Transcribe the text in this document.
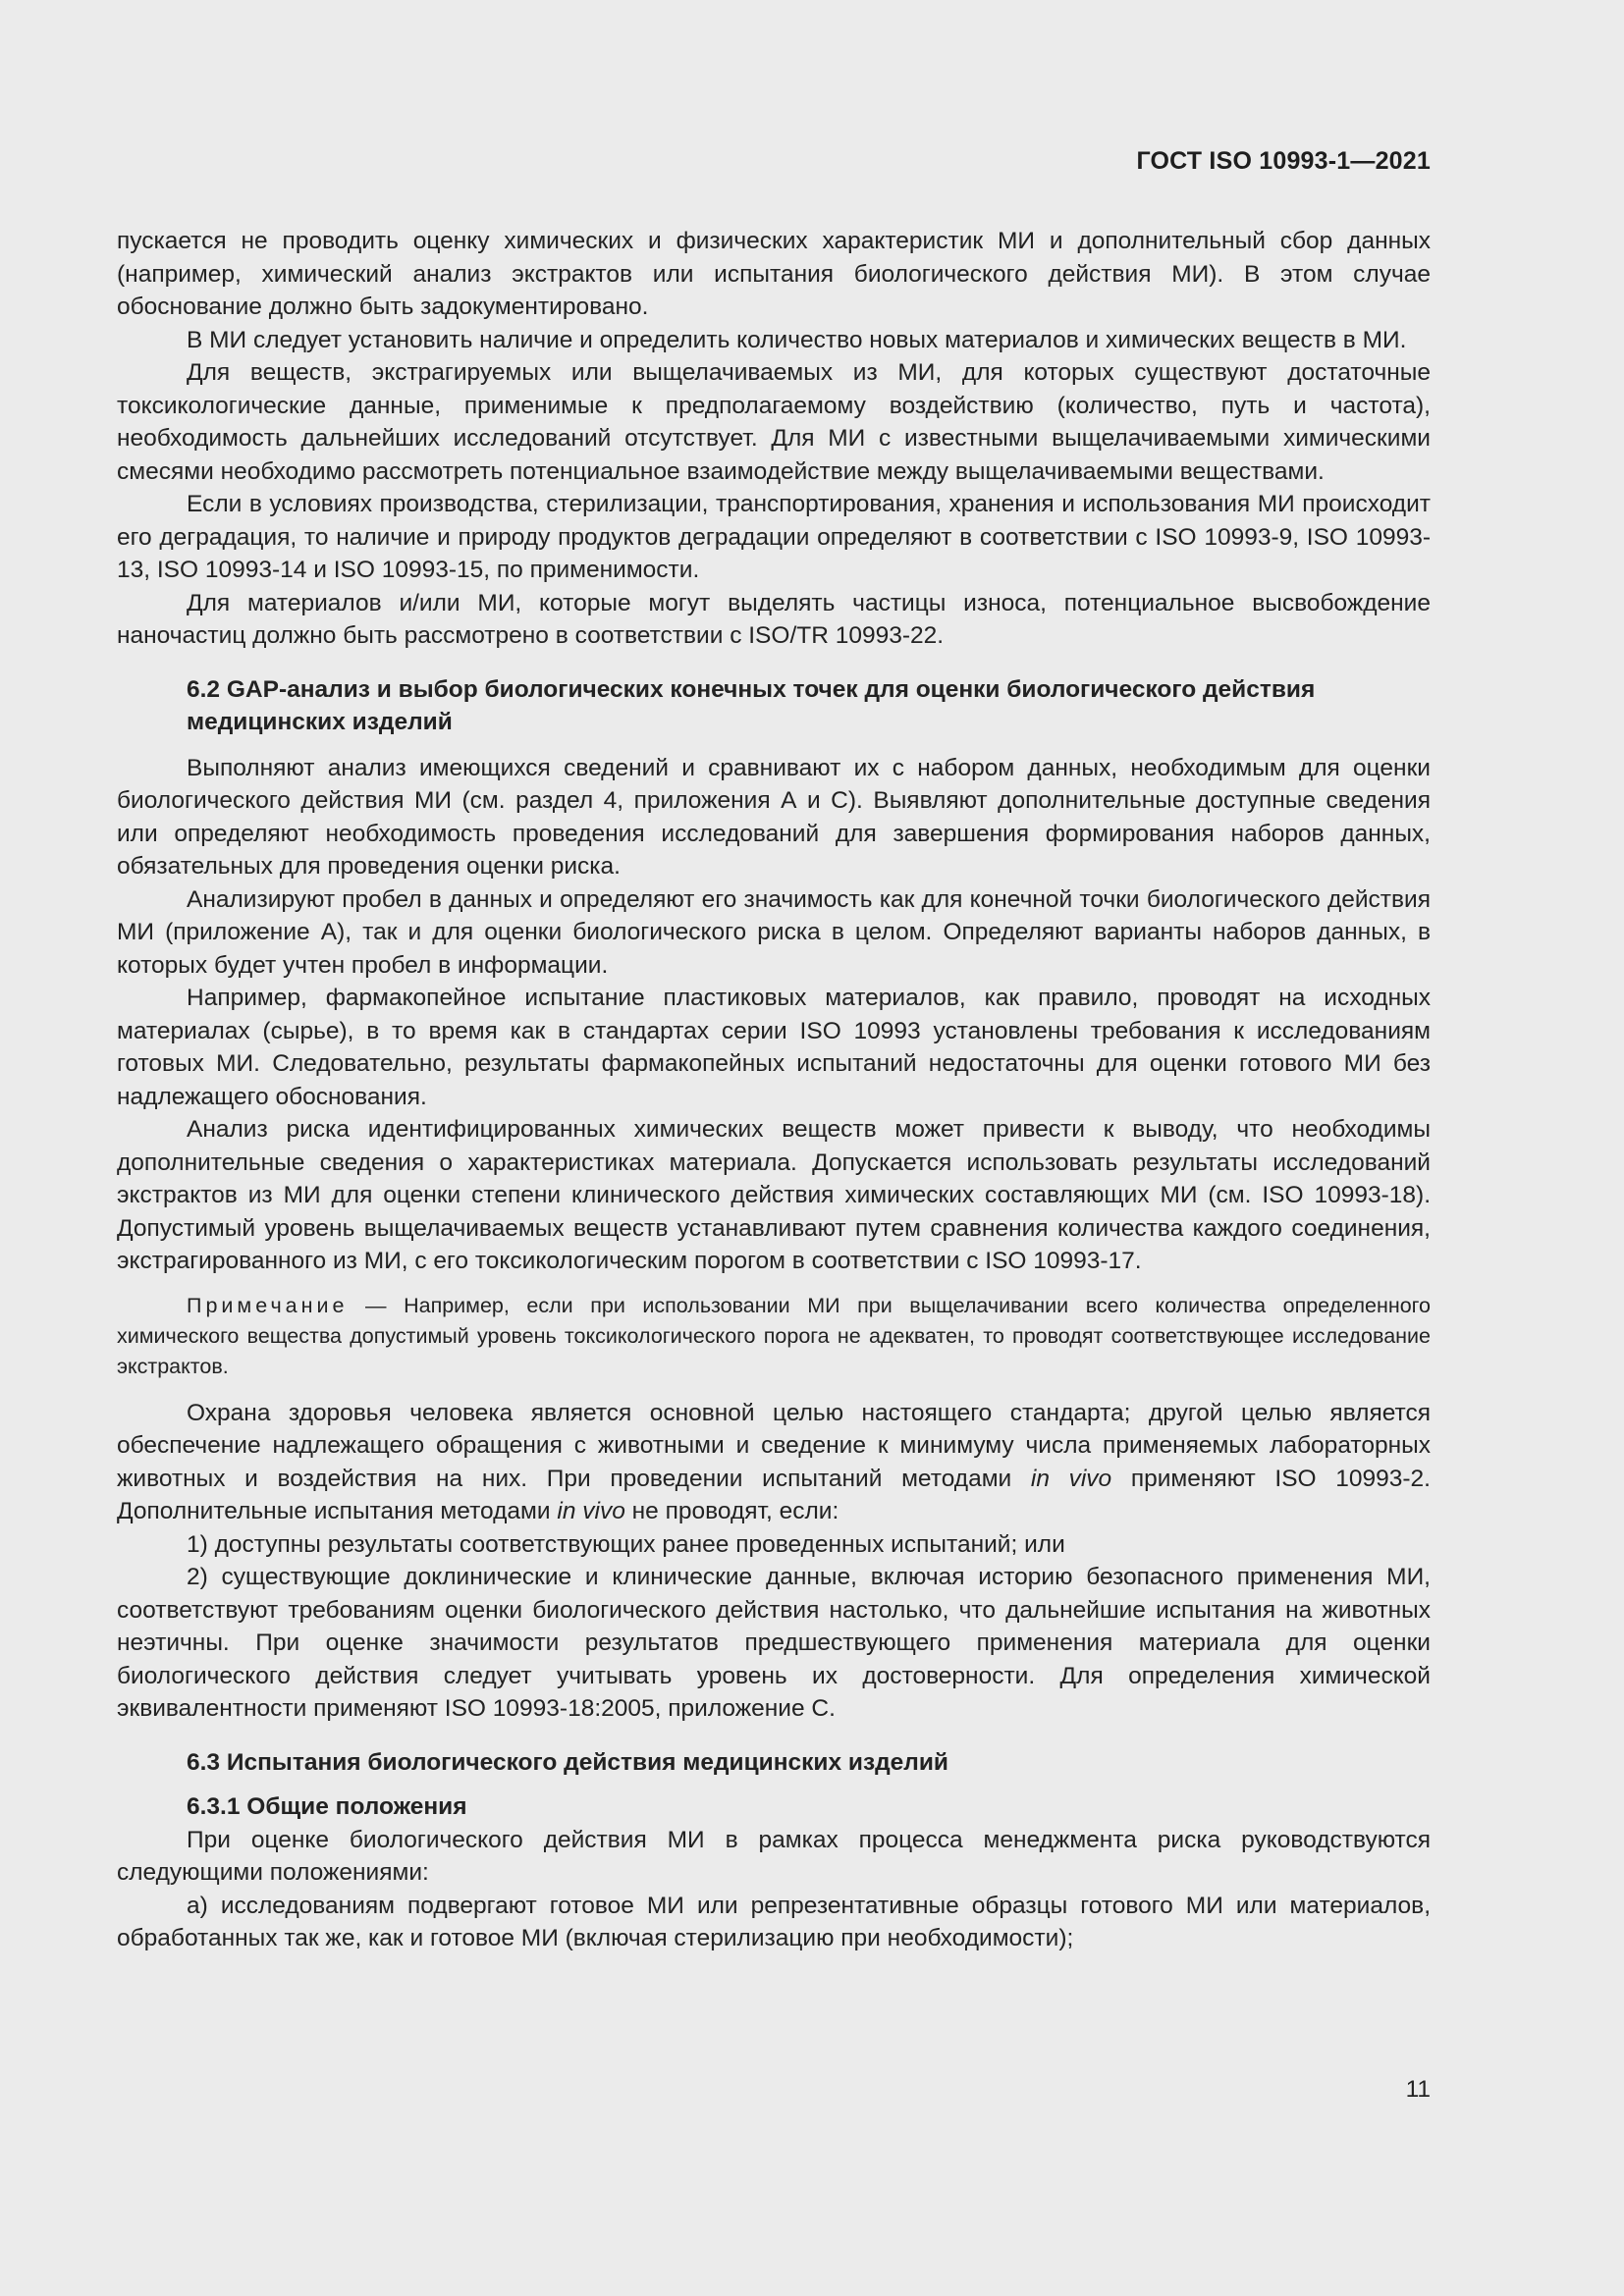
ГОСТ ISO 10993-1—2021

пускается не проводить оценку химических и физических характеристик МИ и дополнительный сбор данных (например, химический анализ экстрактов или испытания биологического действия МИ). В этом случае обоснование должно быть задокументировано.

В МИ следует установить наличие и определить количество новых материалов и химических веществ в МИ.

Для веществ, экстрагируемых или выщелачиваемых из МИ, для которых существуют достаточные токсикологические данные, применимые к предполагаемому воздействию (количество, путь и частота), необходимость дальнейших исследований отсутствует. Для МИ с известными выщелачиваемыми химическими смесями необходимо рассмотреть потенциальное взаимодействие между выщелачиваемыми веществами.

Если в условиях производства, стерилизации, транспортирования, хранения и использования МИ происходит его деградация, то наличие и природу продуктов деградации определяют в соответствии с ISO 10993-9, ISO 10993-13, ISO 10993-14 и ISO 10993-15, по применимости.

Для материалов и/или МИ, которые могут выделять частицы износа, потенциальное высвобождение наночастиц должно быть рассмотрено в соответствии с ISO/TR 10993-22.

6.2 GAP-анализ и выбор биологических конечных точек для оценки биологического действия медицинских изделий

Выполняют анализ имеющихся сведений и сравнивают их с набором данных, необходимым для оценки биологического действия МИ (см. раздел 4, приложения А и С). Выявляют дополнительные доступные сведения или определяют необходимость проведения исследований для завершения формирования наборов данных, обязательных для проведения оценки риска.

Анализируют пробел в данных и определяют его значимость как для конечной точки биологического действия МИ (приложение А), так и для оценки биологического риска в целом. Определяют варианты наборов данных, в которых будет учтен пробел в информации.

Например, фармакопейное испытание пластиковых материалов, как правило, проводят на исходных материалах (сырье), в то время как в стандартах серии ISO 10993 установлены требования к исследованиям готовых МИ. Следовательно, результаты фармакопейных испытаний недостаточны для оценки готового МИ без надлежащего обоснования.

Анализ риска идентифицированных химических веществ может привести к выводу, что необходимы дополнительные сведения о характеристиках материала. Допускается использовать результаты исследований экстрактов из МИ для оценки степени клинического действия химических составляющих МИ (см. ISO 10993-18). Допустимый уровень выщелачиваемых веществ устанавливают путем сравнения количества каждого соединения, экстрагированного из МИ, с его токсикологическим порогом в соответствии с ISO 10993-17.

Примечание — Например, если при использовании МИ при выщелачивании всего количества определенного химического вещества допустимый уровень токсикологического порога не адекватен, то проводят соответствующее исследование экстрактов.

Охрана здоровья человека является основной целью настоящего стандарта; другой целью является обеспечение надлежащего обращения с животными и сведение к минимуму числа применяемых лабораторных животных и воздействия на них. При проведении испытаний методами in vivo применяют ISO 10993-2. Дополнительные испытания методами in vivo не проводят, если:

1) доступны результаты соответствующих ранее проведенных испытаний; или

2) существующие доклинические и клинические данные, включая историю безопасного применения МИ, соответствуют требованиям оценки биологического действия настолько, что дальнейшие испытания на животных неэтичны. При оценке значимости результатов предшествующего применения материала для оценки биологического действия следует учитывать уровень их достоверности. Для определения химической эквивалентности применяют ISO 10993-18:2005, приложение С.

6.3 Испытания биологического действия медицинских изделий
6.3.1 Общие положения

При оценке биологического действия МИ в рамках процесса менеджмента риска руководствуются следующими положениями:

а) исследованиям подвергают готовое МИ или репрезентативные образцы готового МИ или материалов, обработанных так же, как и готовое МИ (включая стерилизацию при необходимости);

11
